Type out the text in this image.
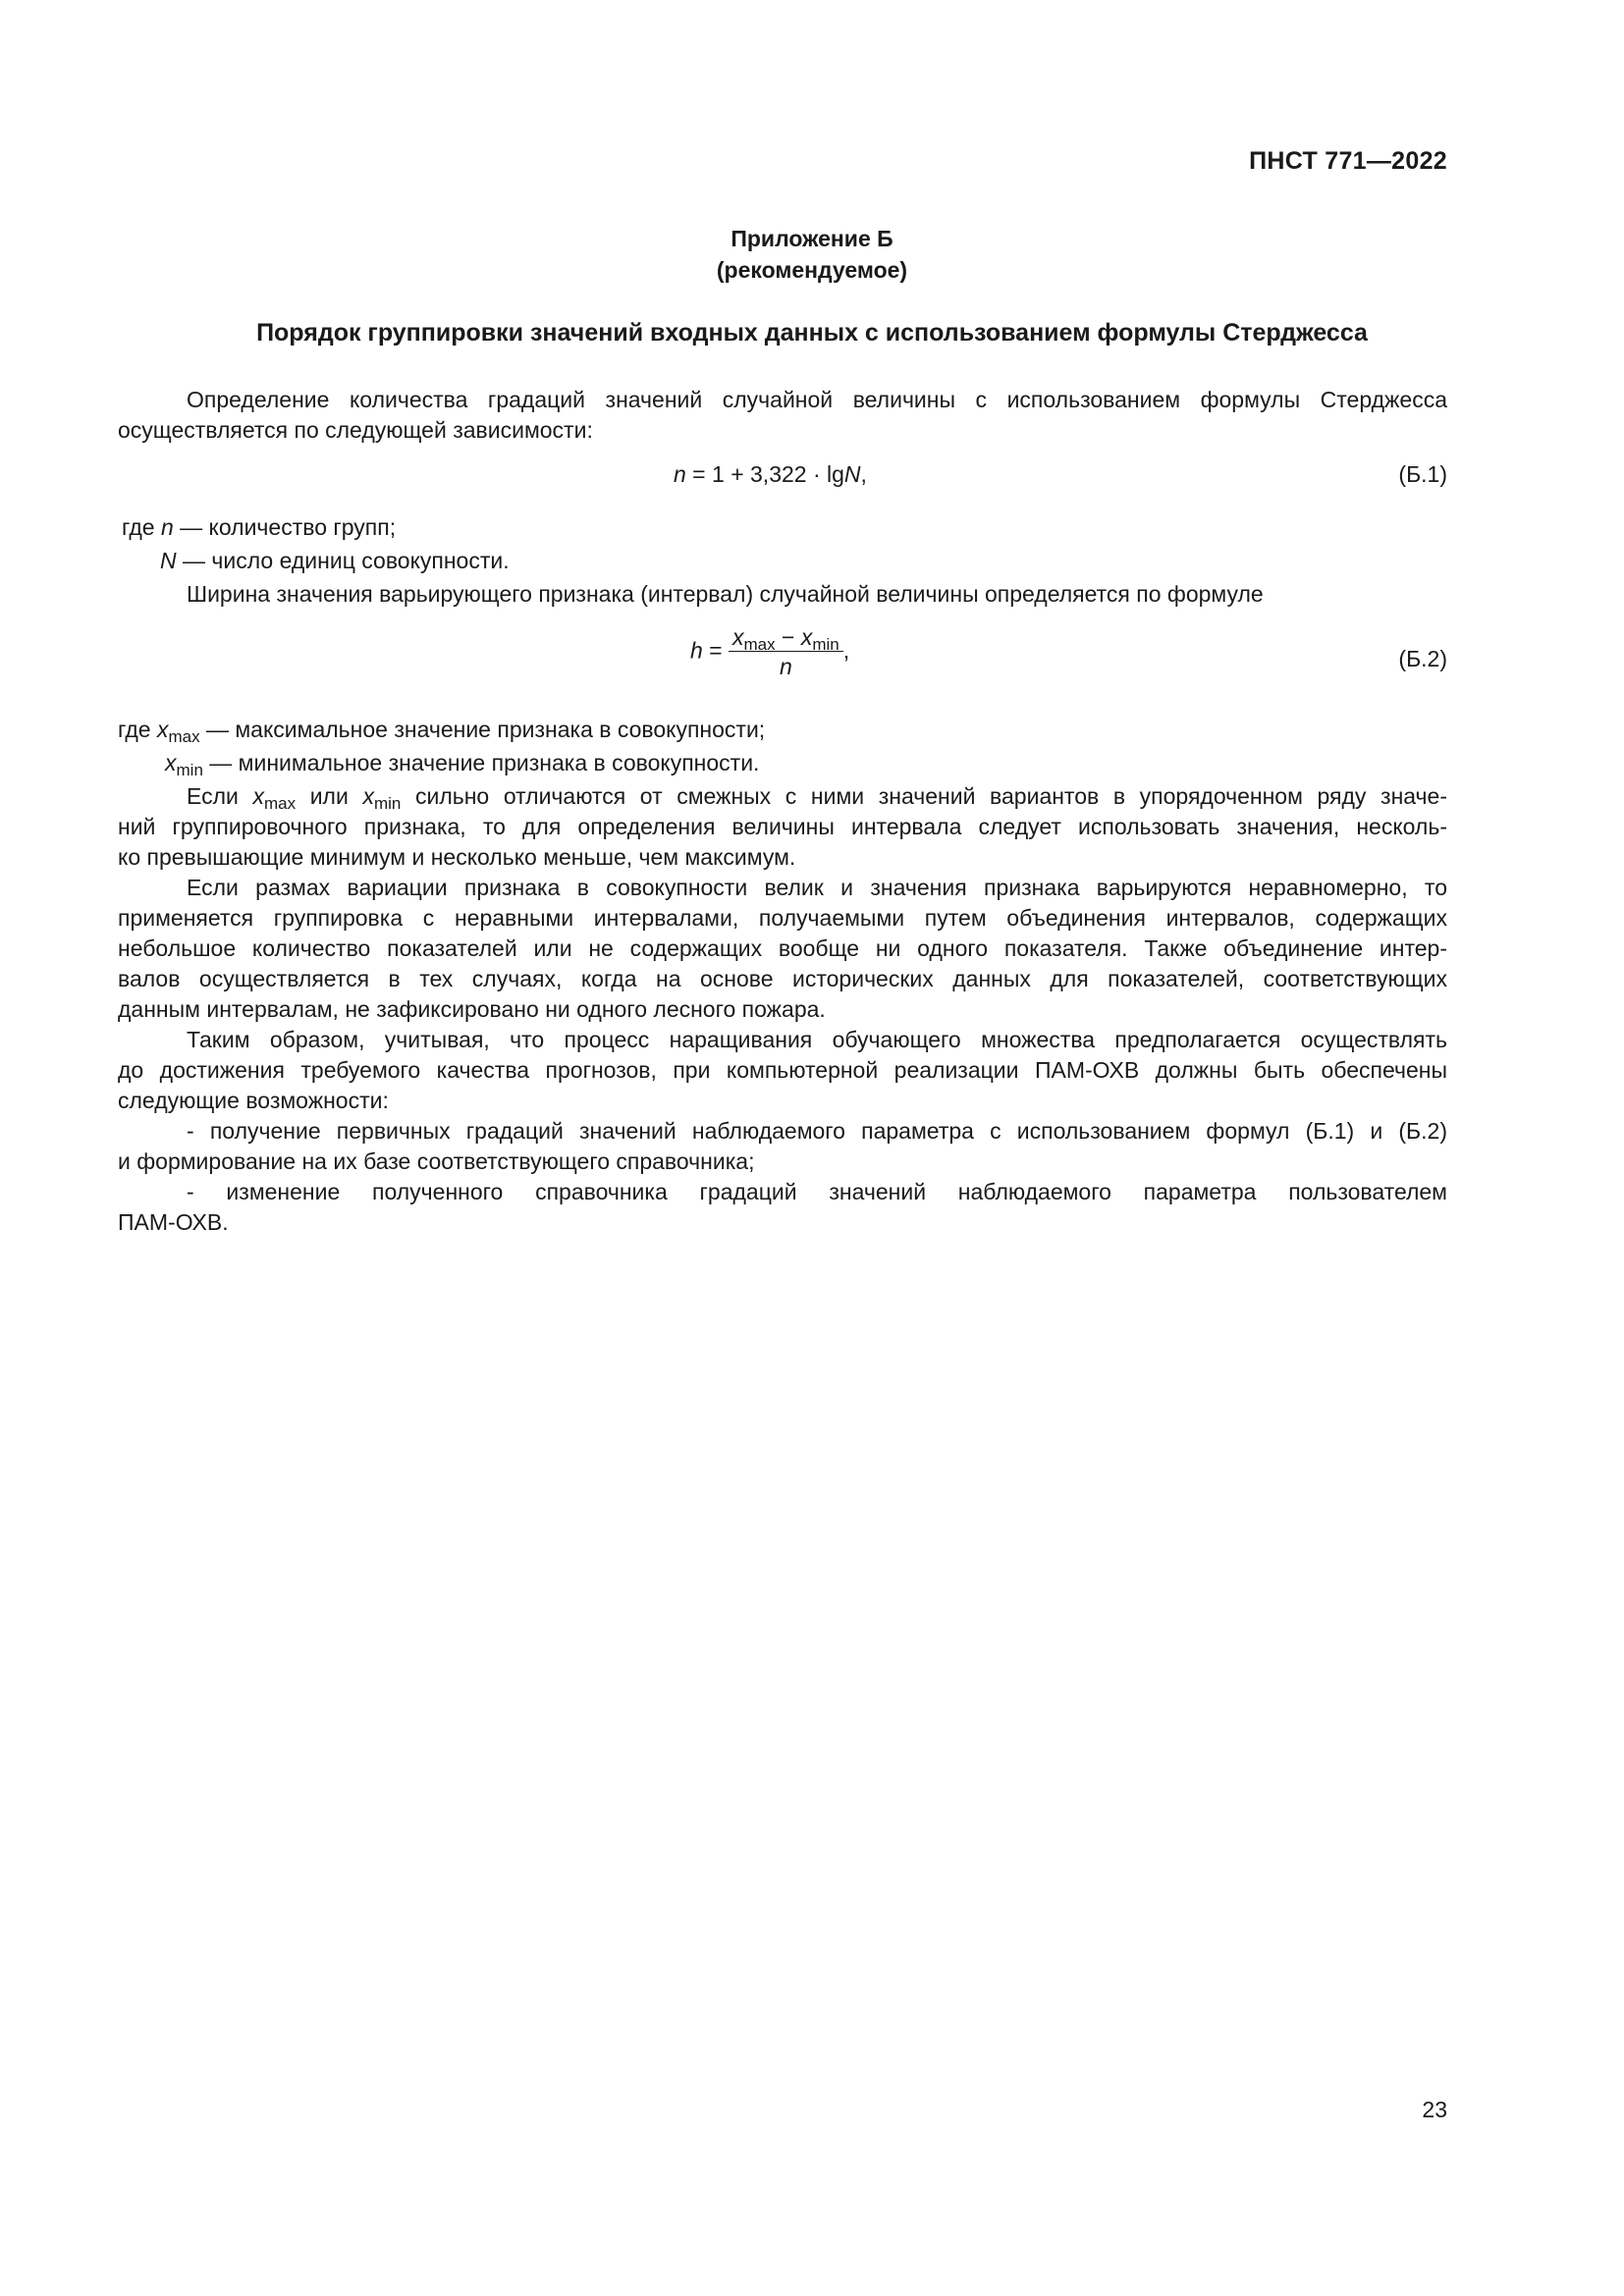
ПНСТ 771—2022
Приложение Б
(рекомендуемое)
Порядок группировки значений входных данных с использованием формулы Стерджесса
Определение количества градаций значений случайной величины с использованием формулы Стерджесса
осуществляется по следующей зависимости:
n = 1 + 3,322 · lgN,	(Б.1)
где n — количество групп;
N — число единиц совокупности.
Ширина значения варьирующего признака (интервал) случайной величины определяется по формуле
$h = \frac{x_{max} - x_{min}}{n}$ ,	(Б.2)
где $x_{max}$ — максимальное значение признака в совокупности;
$x_{min}$ — минимальное значение признака в совокупности.
Если $x_{max}$ или $x_{min}$ сильно отличаются от смежных с ними значений вариантов в упорядоченном ряду значе-
ний группировочного признака, то для определения величины интервала следует использовать значения, несколь-
ко превышающие минимум и несколько меньше, чем максимум.
Если размах вариации признака в совокупности велик и значения признака варьируются неравномерно, то
применяется группировка с неравными интервалами, получаемыми путем объединения интервалов, содержащих
небольшое количество показателей или не содержащих вообще ни одного показателя. Также объединение интер-
валов осуществляется в тех случаях, когда на основе исторических данных для показателей, соответствующих
данным интервалам, не зафиксировано ни одного лесного пожара.
Таким образом, учитывая, что процесс наращивания обучающего множества предполагается осуществлять
до достижения требуемого качества прогнозов, при компьютерной реализации ПАМ-ОХВ должны быть обеспечены
следующие возможности:
- получение первичных градаций значений наблюдаемого параметра с использованием формул (Б.1) и (Б.2)
и формирование на их базе соответствующего справочника;
- изменение полученного справочника градаций значений наблюдаемого параметра пользователем
ПАМ-ОХВ.
23
